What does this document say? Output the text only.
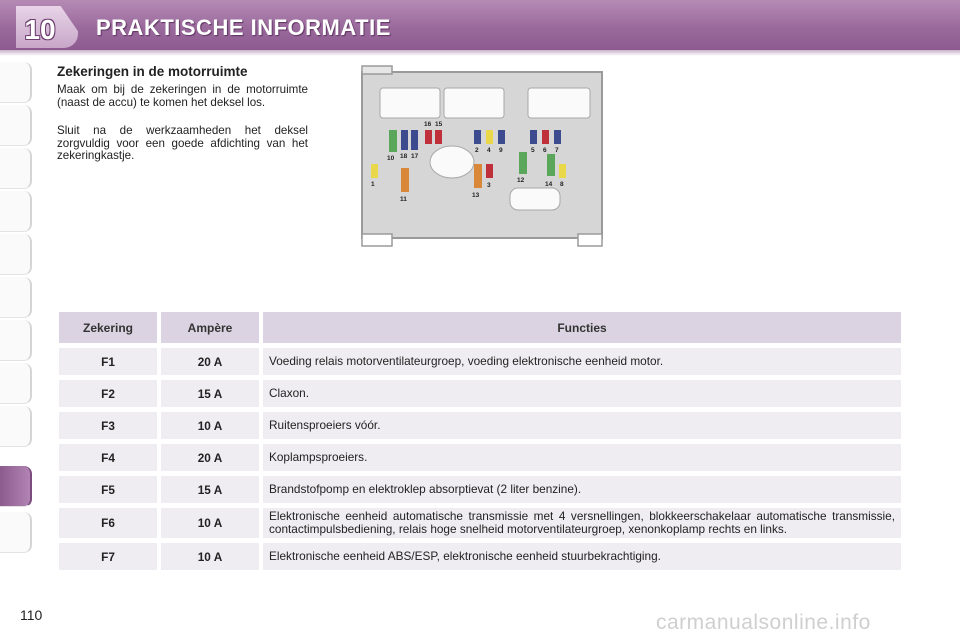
10 PRAKTISCHE INFORMATIE
Zekeringen in de motorruimte
Maak om bij de zekeringen in de motorruimte (naast de accu) te komen het deksel los.
Sluit na de werkzaamheden het deksel zorgvuldig voor een goede afdichting van het zekeringkastje.
1
10 18 17
16 15
11
2 4 9
13
3
12
5 6 7
14 8
Zekering	Ampère	Functies
F1	20 A	Voeding relais motorventilateurgroep, voeding elektronische eenheid motor.
F2	15 A	Claxon.
F3	10 A	Ruitensproeiers vóór.
F4	20 A	Koplampsproeiers.
F5	15 A	Brandstofpomp en elektroklep absorptievat (2 liter benzine).
F6	10 A	Elektronische eenheid automatische transmissie met 4 versnellingen, blokkeerschakelaar automatische transmissie, contactimpulsbediening, relais hoge snelheid motorventilateurgroep, xenonkoplamp rechts en links.
F7	10 A	Elektronische eenheid ABS/ESP, elektronische eenheid stuurbekrachtiging.
110	carmanualsonline.info
